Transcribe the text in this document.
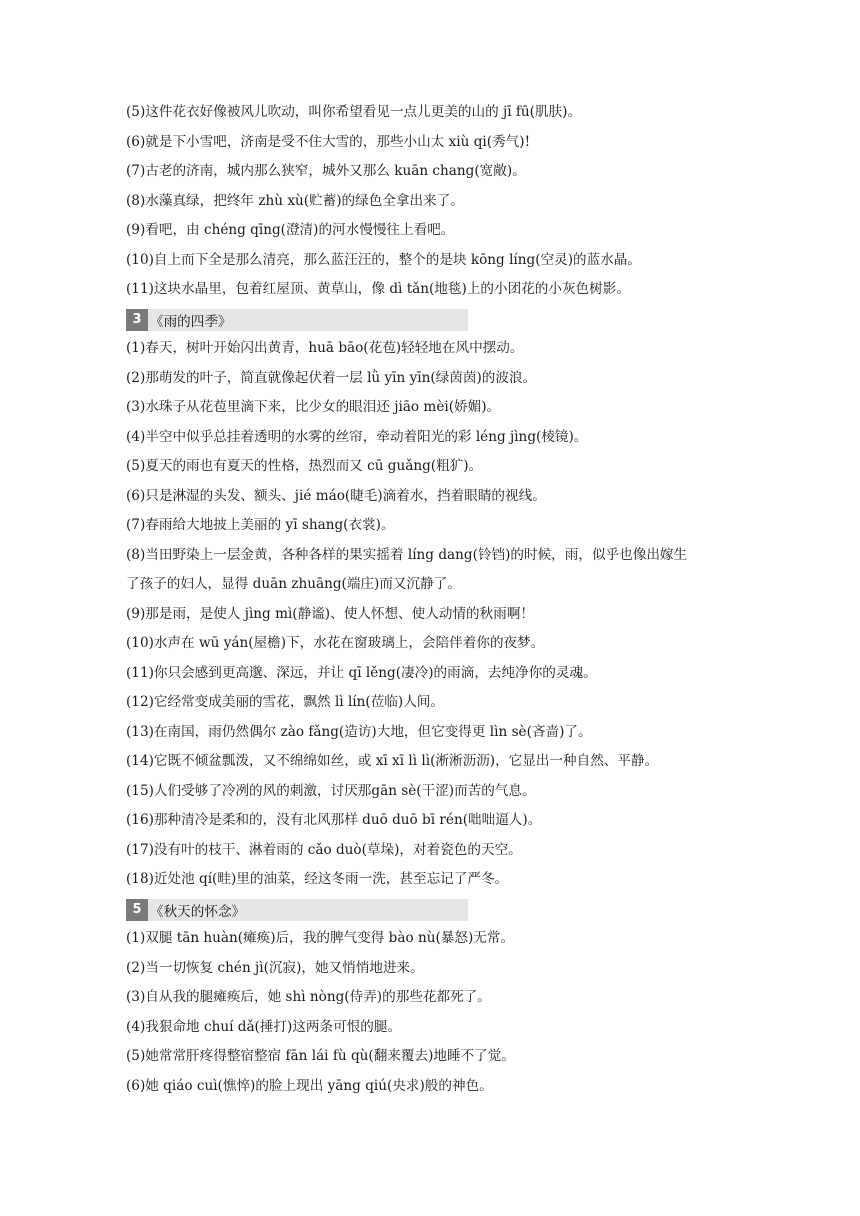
(5)这件花衣好像被风儿吹动，叫你希望看见一点儿更美的山的 jī fū(肌肤)。
(6)就是下小雪吧，济南是受不住大雪的，那些小山太 xiù qi(秀气)!
(7)古老的济南，城内那么狭窄，城外又那么 kuān chang(宽敞)。
(8)水藻真绿，把终年 zhù xù(贮蓄)的绿色全拿出来了。
(9)看吧，由 chéng qīng(澄清)的河水慢慢往上看吧。
(10)自上而下全是那么清亮，那么蓝汪汪的，整个的是块 kōng líng(空灵)的蓝水晶。
(11)这块水晶里，包着红屋顶、黄草山，像 dì tǎn(地毯)上的小团花的小灰色树影。
3 《雨的四季》
(1)春天，树叶开始闪出黄青，huā bāo(花苞)轻轻地在风中摆动。
(2)那萌发的叶子，简直就像起伏着一层 lǜ yīn yīn(绿茵茵)的波浪。
(3)水珠子从花苞里滴下来，比少女的眼泪还 jiāo mèi(娇媚)。
(4)半空中似乎总挂着透明的水雾的丝帘，牵动着阳光的彩 léng jìng(棱镜)。
(5)夏天的雨也有夏天的性格，热烈而又 cū guǎng(粗犷)。
(6)只是淋湿的头发、额头、jié máo(睫毛)滴着水，挡着眼睛的视线。
(7)春雨给大地披上美丽的 yī shang(衣裳)。
(8)当田野染上一层金黄，各种各样的果实摇着 líng dang(铃铛)的时候，雨，似乎也像出嫁生
了孩子的妇人，显得 duān zhuāng(端庄)而又沉静了。
(9)那是雨，是使人 jìng mì(静谧)、使人怀想、使人动情的秋雨啊！
(10)水声在 wū yán(屋檐)下，水花在窗玻璃上，会陪伴着你的夜梦。
(11)你只会感到更高邈、深远，并让 qī lěng(凄冷)的雨滴，去纯净你的灵魂。
(12)它经常变成美丽的雪花，飘然 lì lín(莅临)人间。
(13)在南国，雨仍然偶尔 zào fǎng(造访)大地，但它变得更 lìn sè(吝啬)了。
(14)它既不倾盆瓢泼，又不绵绵如丝，或 xī xī lì lì(淅淅沥沥)，它显出一种自然、平静。
(15)人们受够了冷冽的风的刺激，讨厌那gān sè(干涩)而苦的气息。
(16)那种清冷是柔和的，没有北风那样 duō duō bī rén(咄咄逼人)。
(17)没有叶的枝干、淋着雨的 cǎo duò(草垛)，对着瓷色的天空。
(18)近处池 qí(畦)里的油菜，经这冬雨一洗，甚至忘记了严冬。
5 《秋天的怀念》
(1)双腿 tān huàn(瘫痪)后，我的脾气变得 bào nù(暴怒)无常。
(2)当一切恢复 chén jì(沉寂)，她又悄悄地进来。
(3)自从我的腿瘫痪后，她 shì nòng(侍弄)的那些花都死了。
(4)我狠命地 chuí dǎ(捶打)这两条可恨的腿。
(5)她常常肝疼得整宿整宿 fān lái fù qù(翻来覆去)地睡不了觉。
(6)她 qiáo cuì(憔悴)的脸上现出 yāng qiú(央求)般的神色。
